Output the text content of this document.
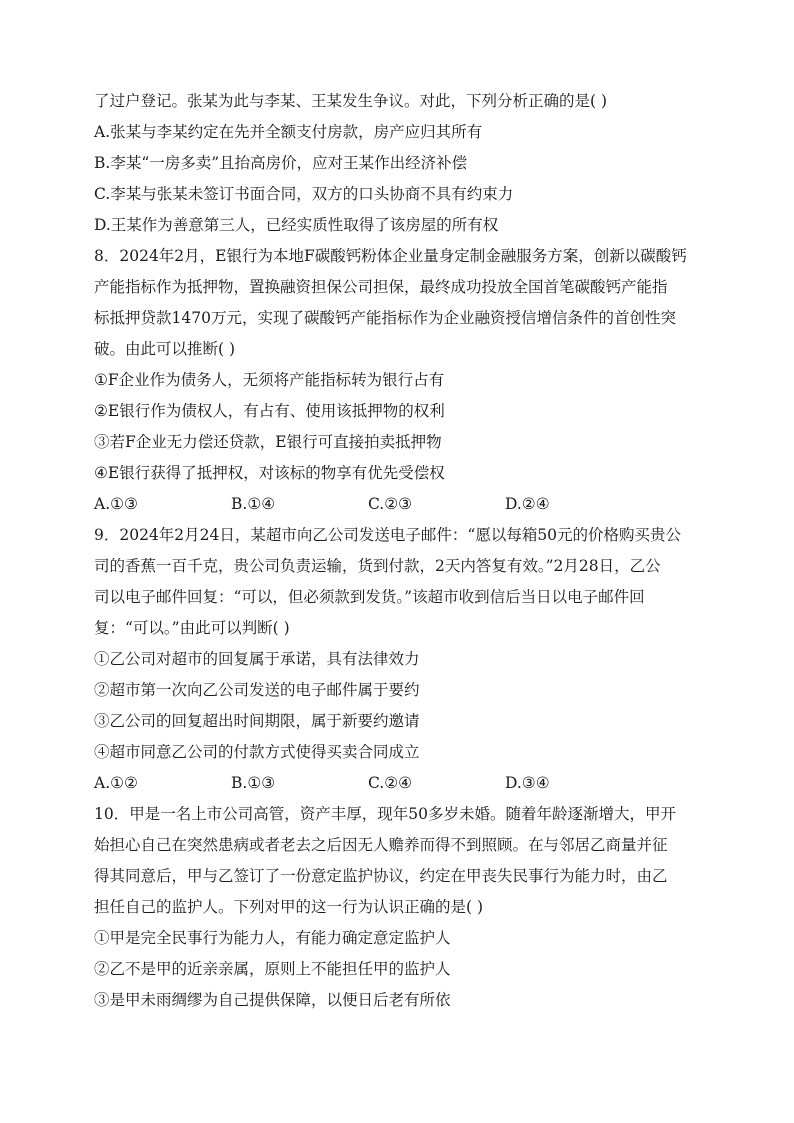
了过户登记。张某为此与李某、王某发生争议。对此，下列分析正确的是( )
A.张某与李某约定在先并全额支付房款，房产应归其所有
B.李某“一房多卖”且抬高房价，应对王某作出经济补偿
C.李某与张某未签订书面合同，双方的口头协商不具有约束力
D.王某作为善意第三人，已经实质性取得了该房屋的所有权
8．2024年2月，E银行为本地F碳酸钙粉体企业量身定制金融服务方案，创新以碳酸钙
产能指标作为抵押物，置换融资担保公司担保，最终成功投放全国首笔碳酸钙产能指
标抵押贷款1470万元，实现了碳酸钙产能指标作为企业融资授信增信条件的首创性突
破。由此可以推断( )
①F企业作为债务人，无须将产能指标转为银行占有
②E银行作为债权人，有占有、使用该抵押物的权利
③若F企业无力偿还贷款，E银行可直接拍卖抵押物
④E银行获得了抵押权，对该标的物享有优先受偿权
A.①③	B.①④	C.②③	D.②④
9．2024年2月24日，某超市向乙公司发送电子邮件：“愿以每箱50元的价格购买贵公
司的香蕉一百千克，贵公司负责运输，货到付款，2天内答复有效。”2月28日，乙公
司以电子邮件回复：“可以，但必须款到发货。”该超市收到信后当日以电子邮件回
复：“可以。”由此可以判断( )
①乙公司对超市的回复属于承诺，具有法律效力
②超市第一次向乙公司发送的电子邮件属于要约
③乙公司的回复超出时间期限，属于新要约邀请
④超市同意乙公司的付款方式使得买卖合同成立
A.①②	B.①③	C.②④	D.③④
10．甲是一名上市公司高管，资产丰厚，现年50多岁未婚。随着年龄逐渐增大，甲开
始担心自己在突然患病或者老去之后因无人赡养而得不到照顾。在与邻居乙商量并征
得其同意后，甲与乙签订了一份意定监护协议，约定在甲丧失民事行为能力时，由乙
担任自己的监护人。下列对甲的这一行为认识正确的是( )
①甲是完全民事行为能力人，有能力确定意定监护人
②乙不是甲的近亲亲属，原则上不能担任甲的监护人
③是甲未雨绸缪为自己提供保障，以便日后老有所依
